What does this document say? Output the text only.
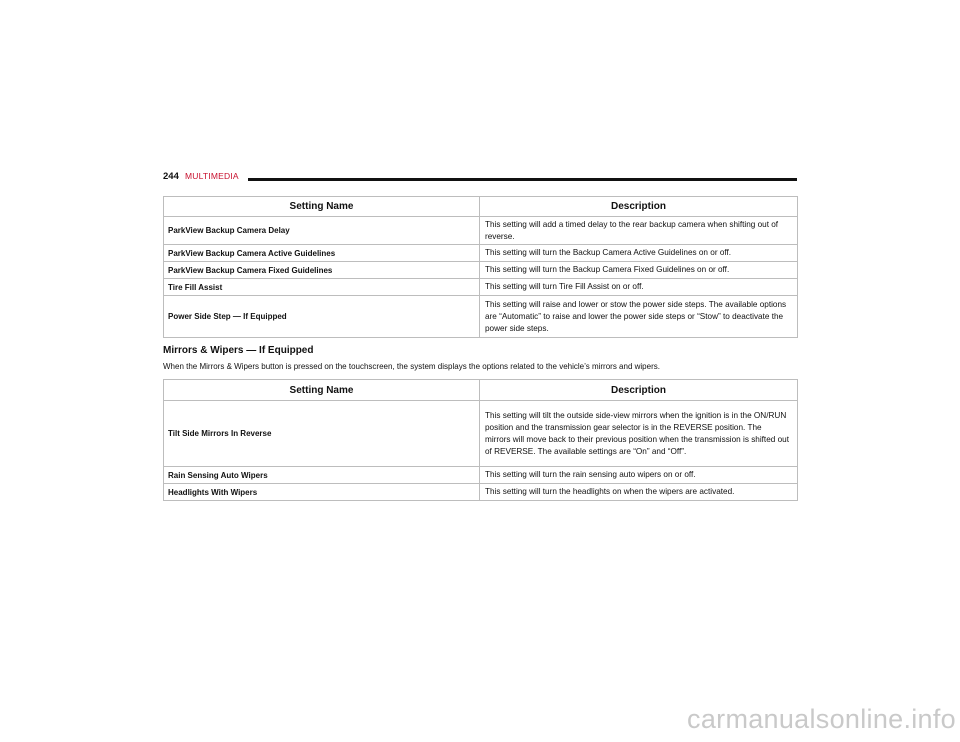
244 MULTIMEDIA
Setting Name	Description
ParkView Backup Camera Delay	This setting will add a timed delay to the rear backup camera when shifting out of reverse.
ParkView Backup Camera Active Guidelines	This setting will turn the Backup Camera Active Guidelines on or off.
ParkView Backup Camera Fixed Guidelines	This setting will turn the Backup Camera Fixed Guidelines on or off.
Tire Fill Assist	This setting will turn Tire Fill Assist on or off.
Power Side Step — If Equipped	This setting will raise and lower or stow the power side steps. The available options are “Automatic” to raise and lower the power side steps or “Stow” to deactivate the power side steps.
Mirrors & Wipers — If Equipped
When the Mirrors & Wipers button is pressed on the touchscreen, the system displays the options related to the vehicle’s mirrors and wipers.
Setting Name	Description
Tilt Side Mirrors In Reverse	This setting will tilt the outside side-view mirrors when the ignition is in the ON/RUN position and the transmission gear selector is in the REVERSE position. The mirrors will move back to their previous position when the transmission is shifted out of REVERSE. The available settings are “On” and “Off”.
Rain Sensing Auto Wipers	This setting will turn the rain sensing auto wipers on or off.
Headlights With Wipers	This setting will turn the headlights on when the wipers are activated.
carmanualsonline.info
